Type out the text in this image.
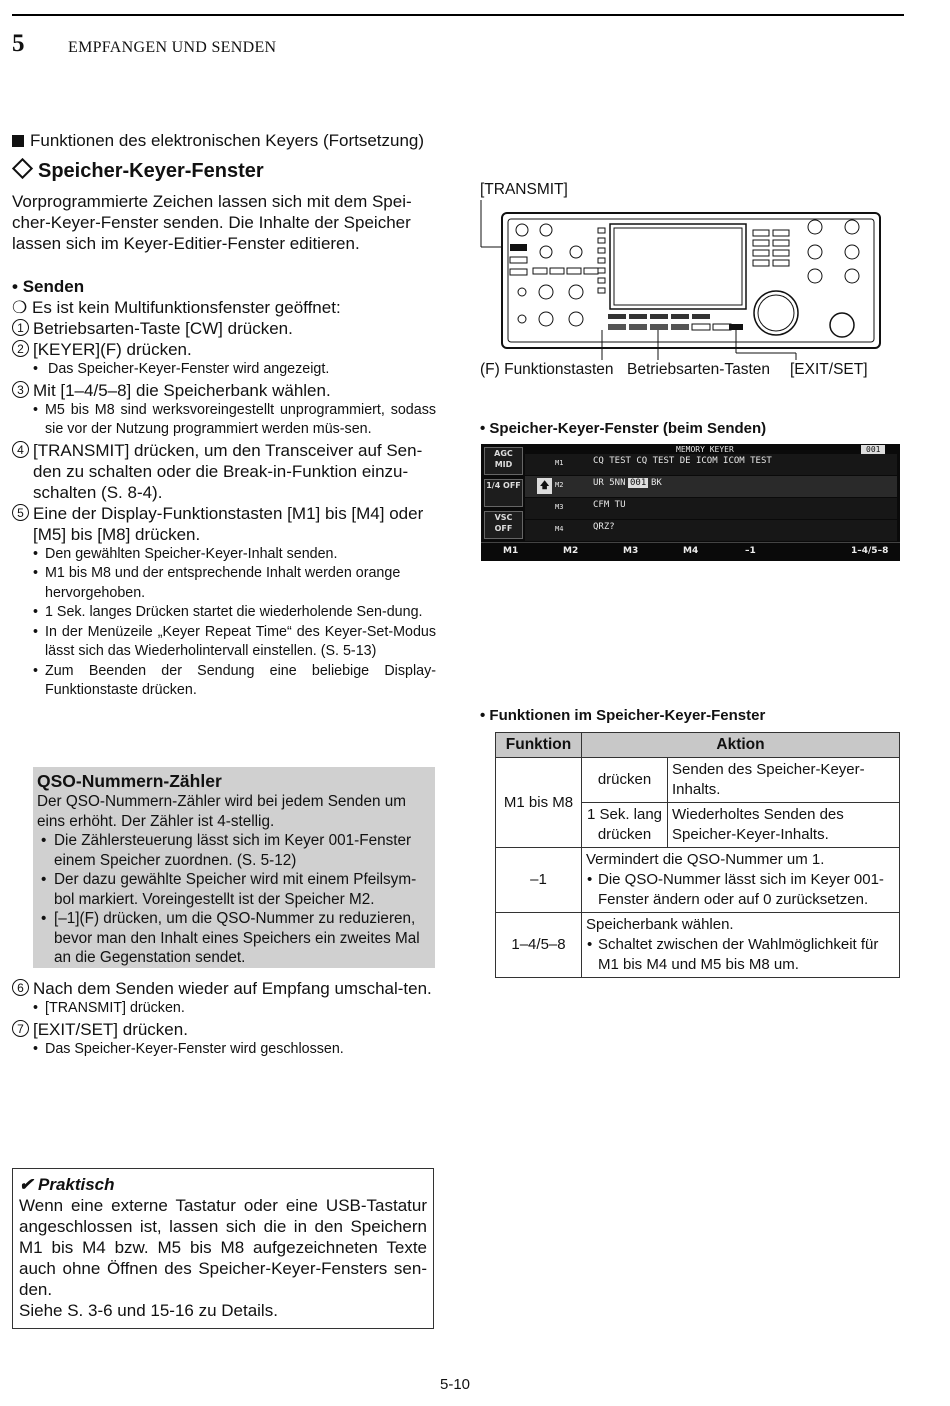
5	EMPFANGEN UND SENDEN
Funktionen des elektronischen Keyers (Fortsetzung)
Speicher-Keyer-Fenster

Vorprogrammierte Zeichen lassen sich mit dem Spei-cher-Keyer-Fenster senden. Die Inhalte der Speicher lassen sich im Keyer-Editier-Fenster editieren.

• Senden

❍ Es ist kein Multifunktionsfenster geöffnet:

1 Betriebsarten-Taste [CW] drücken.

2 [KEYER](F) drücken.

• Das Speicher-Keyer-Fenster wird angezeigt.

3 Mit [1–4/5–8] die Speicherbank wählen.

• M5 bis M8 sind werksvoreingestellt unprogrammiert, sodass sie vor der Nutzung programmiert werden müs-sen.

4 [TRANSMIT] drücken, um den Transceiver auf Sen-den zu schalten oder die Break-in-Funktion einzu-schalten (S. 8-4).

5 Eine der Display-Funktionstasten [M1] bis [M4] oder [M5] bis [M8] drücken.

• Den gewählten Speicher-Keyer-Inhalt senden.

• M1 bis M8 und der entsprechende Inhalt werden orange hervorgehoben.

• 1 Sek. langes Drücken startet die wiederholende Sen-dung.

• In der Menüzeile „Keyer Repeat Time“ des Keyer-Set-Modus lässt sich das Wiederholintervall einstellen. (S. 5-13)

• Zum Beenden der Sendung eine beliebige Display-Funktionstaste drücken.

QSO-Nummern-Zähler

Der QSO-Nummern-Zähler wird bei jedem Senden um eins erhöht. Der Zähler ist 4-stellig.

• Die Zählersteuerung lässt sich im Keyer 001-Fenster einem Speicher zuordnen. (S. 5-12)

• Der dazu gewählte Speicher wird mit einem Pfeilsym-bol markiert. Voreingestellt ist der Speicher M2.

• [–1](F) drücken, um die QSO-Nummer zu reduzieren, bevor man den Inhalt eines Speichers ein zweites Mal an die Gegenstation sendet.

6 Nach dem Senden wieder auf Empfang umschal-ten.

• [TRANSMIT] drücken.

7 [EXIT/SET] drücken.

• Das Speicher-Keyer-Fenster wird geschlossen.

✔ Praktisch

Wenn eine externe Tastatur oder eine USB-Tastatur angeschlossen ist, lassen sich die in den Speichern M1 bis M4 bzw. M5 bis M8 aufgezeichneten Texte auch ohne Öffnen des Speicher-Keyer-Fensters sen-den.

Siehe S. 3-6 und 15-16 zu Details.

[TRANSMIT]
(F) Funktionstasten Betriebsarten-Tasten [EXIT/SET]
• Speicher-Keyer-Fenster (beim Senden)
AGC MID
1/4 OFF
VSC OFF
MEMORY KEYER	001
M1	CQ TEST CQ TEST DE ICOM ICOM TEST
🡅 M2	UR 5NN 001 BK
M3	CFM TU
M4	QRZ?
M1	M2	M3	M4	–1	1–4/5–8
• Funktionen im Speicher-Keyer-Fenster
Funktion	Aktion	
M1 bis M8	drücken	Senden des Speicher-Keyer-Inhalts.
	1 Sek. lang drücken	Wiederholtes Senden des Speicher-Keyer-Inhalts.
–1	Vermindert die QSO-Nummer um 1.
• Die QSO-Nummer lässt sich im Keyer 001-Fenster ändern oder auf 0 zurücksetzen.

1–4/5–8	Speicherbank wählen.
• Schaltet zwischen der Wahlmöglichkeit für M1 bis M4 und M5 bis M8 um.
5-10
